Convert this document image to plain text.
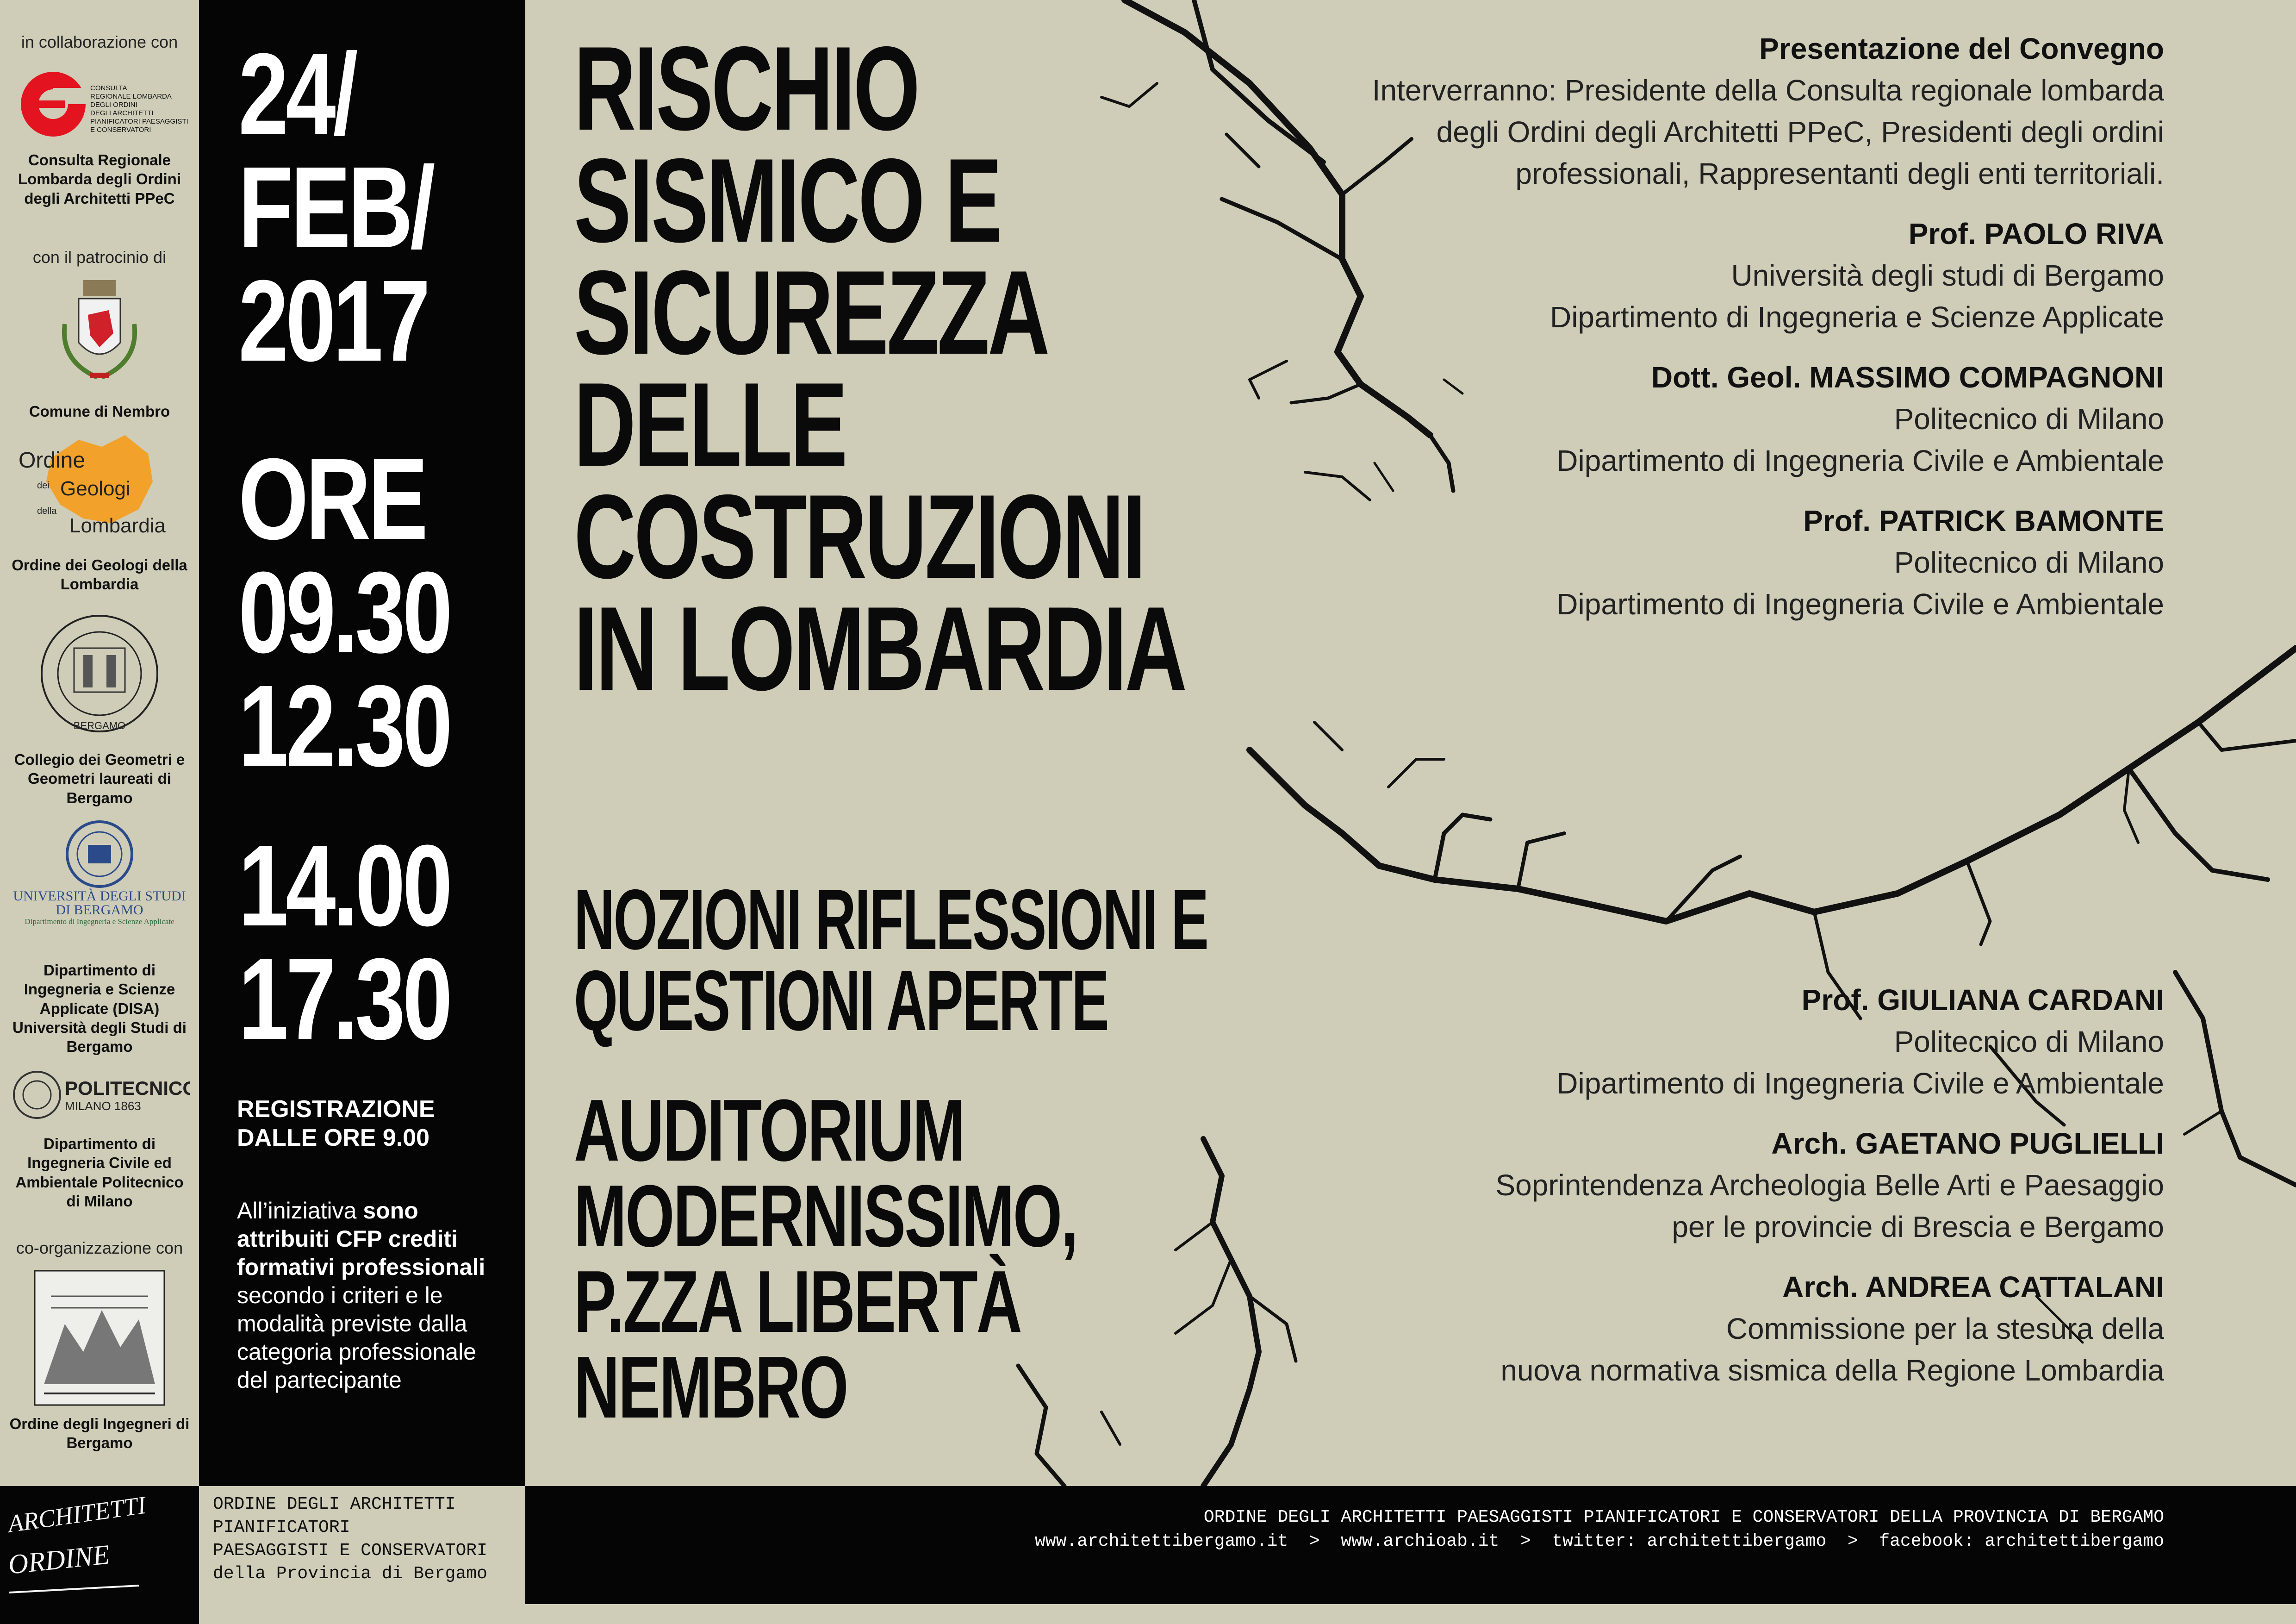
in collaborazione con
CONSULTA
REGIONALE LOMBARDA
DEGLI ORDINI
DEGLI ARCHITETTI
PIANIFICATORI PAESAGGISTI
E CONSERVATORI
Consulta Regionale Lombarda degli Ordini degli Architetti PPeC
con il patrocinio di
Comune di Nembro
Ordine
dei Geologi
della
Lombardia
Ordine dei Geologi della Lombardia
BERGAMO
Collegio dei Geometri e Geometri laureati di Bergamo
UNIVERSITÀ DEGLI STUDI
DI BERGAMO
Dipartimento di Ingegneria e Scienze Applicate
Dipartimento di Ingegneria e Scienze Applicate (DISA) Università degli Studi di Bergamo
POLITECNICO
MILANO 1863
Dipartimento di Ingegneria Civile ed Ambientale Politecnico di Milano
co-organizzazione con
Ordine degli Ingegneri di Bergamo
24/
FEB/
2017
ORE
09.30
12.30
14.00
17.30
REGISTRAZIONE
DALLE ORE 9.00
All’iniziativa sono attribuiti CFP crediti formativi professionali secondo i criteri e le modalità previste dalla categoria professionale del partecipante
RISCHIO
SISMICO E
SICUREZZA
DELLE
COSTRUZIONI
IN LOMBARDIA
NOZIONI RIFLESSIONI E
QUESTIONI APERTE
AUDITORIUM
MODERNISSIMO,
P.ZZA LIBERTÀ
NEMBRO
Presentazione del Convegno
Interverranno: Presidente della Consulta regionale lombarda
degli Ordini degli Architetti PPeC, Presidenti degli ordini
professionali, Rappresentanti degli enti territoriali.
Prof. PAOLO RIVA
Università degli studi di Bergamo
Dipartimento di Ingegneria e Scienze Applicate
Dott. Geol. MASSIMO COMPAGNONI
Politecnico di Milano
Dipartimento di Ingegneria Civile e Ambientale
Prof. PATRICK BAMONTE
Politecnico di Milano
Dipartimento di Ingegneria Civile e Ambientale
Prof. GIULIANA CARDANI
Politecnico di Milano
Dipartimento di Ingegneria Civile e Ambientale
Arch. GAETANO PUGLIELLI
Soprintendenza Archeologia Belle Arti e Paesaggio
per le provincie di Brescia e Bergamo
Arch. ANDREA CATTALANI
Commissione per la stesura della
nuova normativa sismica della Regione Lombardia
ARCHITETTI
ORDINE
ORDINE DEGLI ARCHITETTI
PIANIFICATORI
PAESAGGISTI E CONSERVATORI
della Provincia di Bergamo
ORDINE DEGLI ARCHITETTI PAESAGGISTI PIANIFICATORI E CONSERVATORI DELLA PROVINCIA DI BERGAMO
www.architettibergamo.it  >  www.archioab.it  >  twitter: architettibergamo  >  facebook: architettibergamo
